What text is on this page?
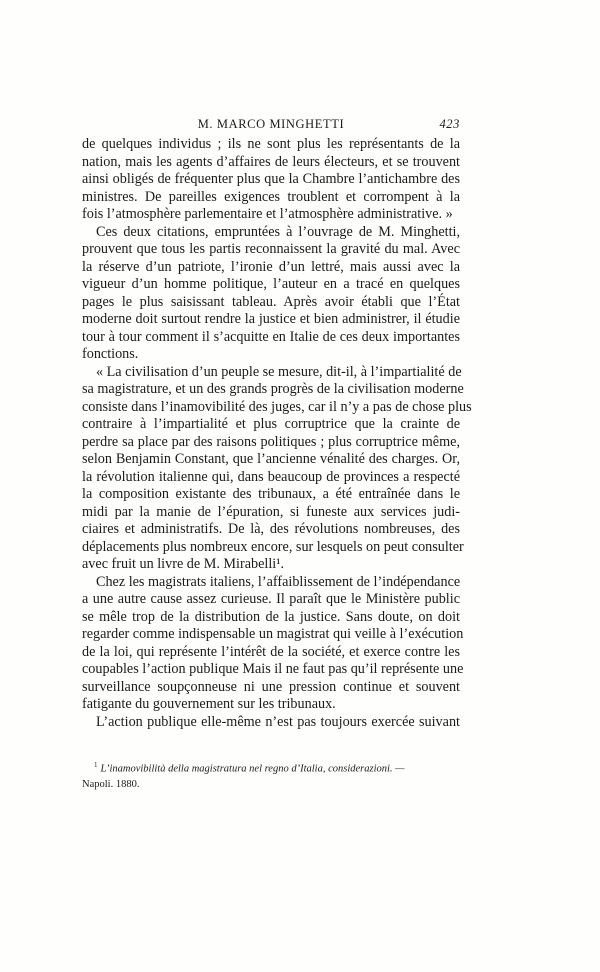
M. MARCO MINGHETTI	423
de quelques individus ; ils ne sont plus les représentants de la
nation, mais les agents d’affaires de leurs électeurs, et se trouvent
ainsi obligés de fréquenter plus que la Chambre l’antichambre des
ministres. De pareilles exigences troublent et corrompent à la
fois l’atmosphère parlementaire et l’atmosphère administrative. »
Ces deux citations, empruntées à l’ouvrage de M. Minghetti,
prouvent que tous les partis reconnaissent la gravité du mal. Avec
la réserve d’un patriote, l’ironie d’un lettré, mais aussi avec la
vigueur d’un homme politique, l’auteur en a tracé en quelques
pages le plus saisissant tableau. Après avoir établi que l’État
moderne doit surtout rendre la justice et bien administrer, il étudie
tour à tour comment il s’acquitte en Italie de ces deux importantes
fonctions.
« La civilisation d’un peuple se mesure, dit-il, à l’impartialité de
sa magistrature, et un des grands progrès de la civilisation moderne
consiste dans l’inamovibilité des juges, car il n’y a pas de chose plus
contraire à l’impartialité et plus corruptrice que la crainte de
perdre sa place par des raisons politiques ; plus corruptrice même,
selon Benjamin Constant, que l’ancienne vénalité des charges. Or,
la révolution italienne qui, dans beaucoup de provinces a respecté
la composition existante des tribunaux, a été entraînée dans le
midi par la manie de l’épuration, si funeste aux services judi-
ciaires et administratifs. De là, des révolutions nombreuses, des
déplacements plus nombreux encore, sur lesquels on peut consulter
avec fruit un livre de M. Mirabelli¹.
Chez les magistrats italiens, l’affaiblissement de l’indépendance
a une autre cause assez curieuse. Il paraît que le Ministère public
se mêle trop de la distribution de la justice. Sans doute, on doit
regarder comme indispensable un magistrat qui veille à l’exécution
de la loi, qui représente l’intérêt de la société, et exerce contre les
coupables l’action publique Mais il ne faut pas qu’il représente une
surveillance soupçonneuse ni une pression continue et souvent
fatigante du gouvernement sur les tribunaux.
L’action publique elle-même n’est pas toujours exercée suivant
$^1$ L’inamovibilità della magistratura nel regno d’Italia, considerazioni. —
Napoli. 1880.
